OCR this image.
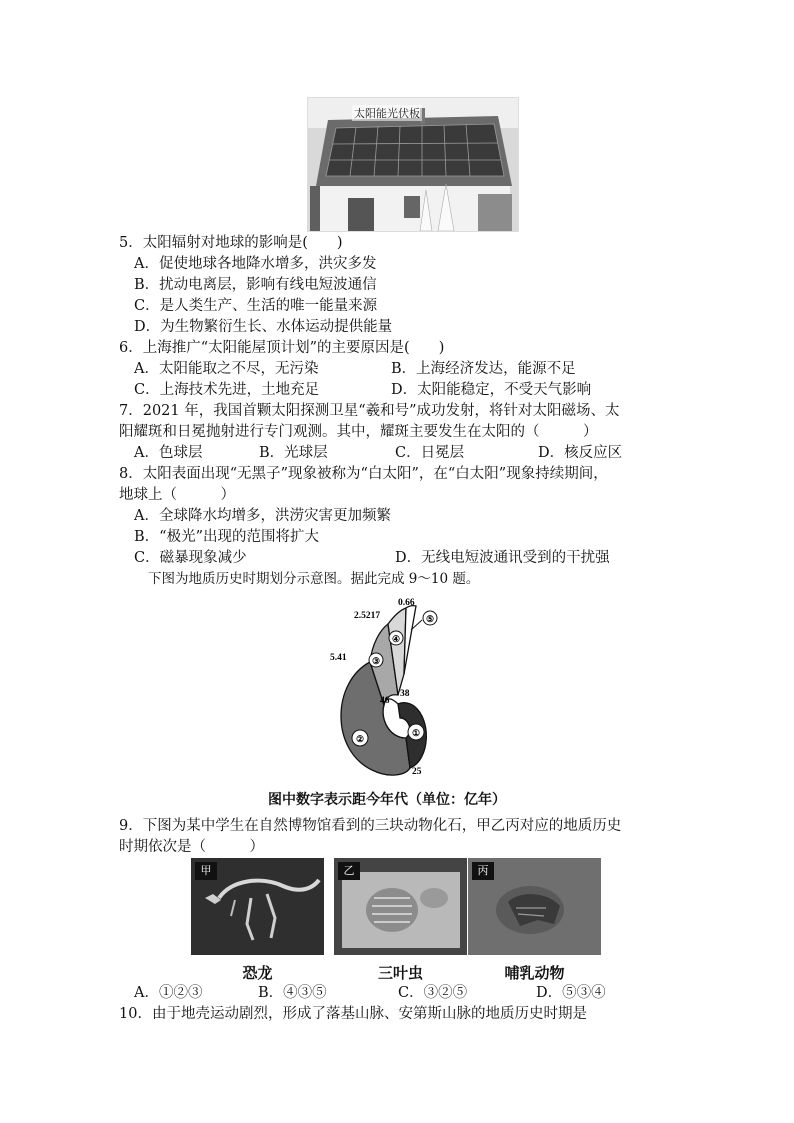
太阳能光伏板
5．太阳辐射对地球的影响是(　　)
A．促使地球各地降水增多，洪灾多发
B．扰动电离层，影响有线电短波通信
C．是人类生产、生活的唯一能量来源
D．为生物繁衍生长、水体运动提供能量
6．上海推广“太阳能屋顶计划”的主要原因是(　　)
A．太阳能取之不尽，无污染	B．上海经济发达，能源不足
C．上海技术先进，土地充足	D．太阳能稳定，不受天气影响
7．2021 年，我国首颗太阳探测卫星“羲和号”成功发射，将针对太阳磁场、太
阳耀斑和日冕抛射进行专门观测。其中，耀斑主要发生在太阳的（　　　）
A．色球层	B．光球层	C．日冕层	D．核反应区
8．太阳表面出现“无黑子”现象被称为“白太阳”，在“白太阳”现象持续期间，
地球上（　　　）
A．全球降水均增多，洪涝灾害更加频繁
B．“极光”出现的范围将扩大
C．磁暴现象减少	D．无线电短波通讯受到的干扰强
下图为地质历史时期划分示意图。据此完成 9～10 题。
⑤
④
③
②
①
0.66
2.5217
5.41
46
38
25
图中数字表示距今年代（单位：亿年）
9．下图为某中学生在自然博物馆看到的三块动物化石，甲乙丙对应的地质历史
时期依次是（　　　）
甲	乙	丙
恐龙	三叶虫	哺乳动物
A．①②③	B．④③⑤	C．③②⑤	D．⑤③④
10．由于地壳运动剧烈，形成了落基山脉、安第斯山脉的地质历史时期是
